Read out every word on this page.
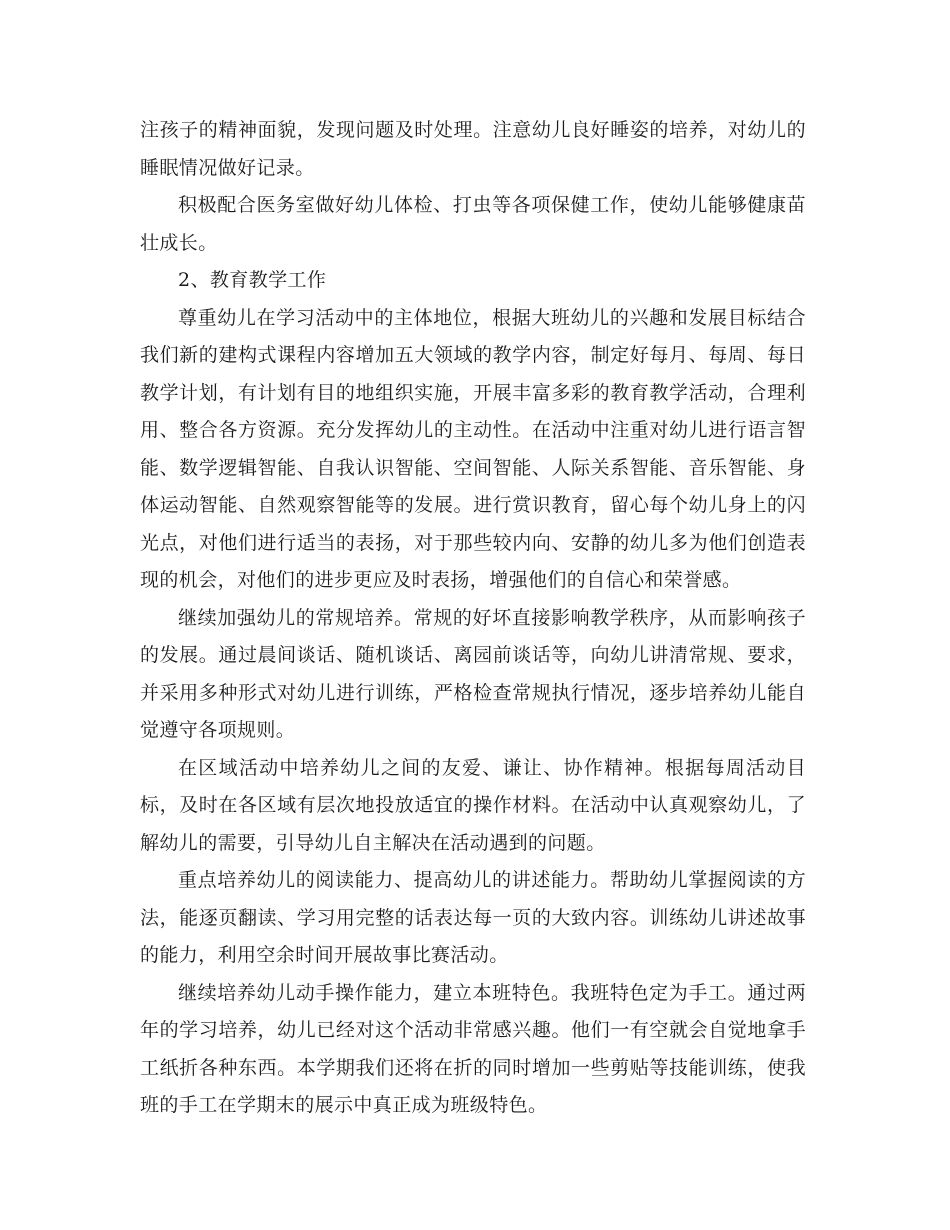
注孩子的精神面貌，发现问题及时处理。注意幼儿良好睡姿的培养，对幼儿的睡眠情况做好记录。

积极配合医务室做好幼儿体检、打虫等各项保健工作，使幼儿能够健康苗壮成长。

2、教育教学工作

尊重幼儿在学习活动中的主体地位，根据大班幼儿的兴趣和发展目标结合我们新的建构式课程内容增加五大领域的教学内容，制定好每月、每周、每日教学计划，有计划有目的地组织实施，开展丰富多彩的教育教学活动，合理利用、整合各方资源。充分发挥幼儿的主动性。在活动中注重对幼儿进行语言智能、数学逻辑智能、自我认识智能、空间智能、人际关系智能、音乐智能、身体运动智能、自然观察智能等的发展。进行赏识教育，留心每个幼儿身上的闪光点，对他们进行适当的表扬，对于那些较内向、安静的幼儿多为他们创造表现的机会，对他们的进步更应及时表扬，增强他们的自信心和荣誉感。

继续加强幼儿的常规培养。常规的好坏直接影响教学秩序，从而影响孩子的发展。通过晨间谈话、随机谈话、离园前谈话等，向幼儿讲清常规、要求，并采用多种形式对幼儿进行训练，严格检查常规执行情况，逐步培养幼儿能自觉遵守各项规则。

在区域活动中培养幼儿之间的友爱、谦让、协作精神。根据每周活动目标，及时在各区域有层次地投放适宜的操作材料。在活动中认真观察幼儿，了解幼儿的需要，引导幼儿自主解决在活动遇到的问题。

重点培养幼儿的阅读能力、提高幼儿的讲述能力。帮助幼儿掌握阅读的方法，能逐页翻读、学习用完整的话表达每一页的大致内容。训练幼儿讲述故事的能力，利用空余时间开展故事比赛活动。

继续培养幼儿动手操作能力，建立本班特色。我班特色定为手工。通过两年的学习培养，幼儿已经对这个活动非常感兴趣。他们一有空就会自觉地拿手工纸折各种东西。本学期我们还将在折的同时增加一些剪贴等技能训练，使我班的手工在学期末的展示中真正成为班级特色。
